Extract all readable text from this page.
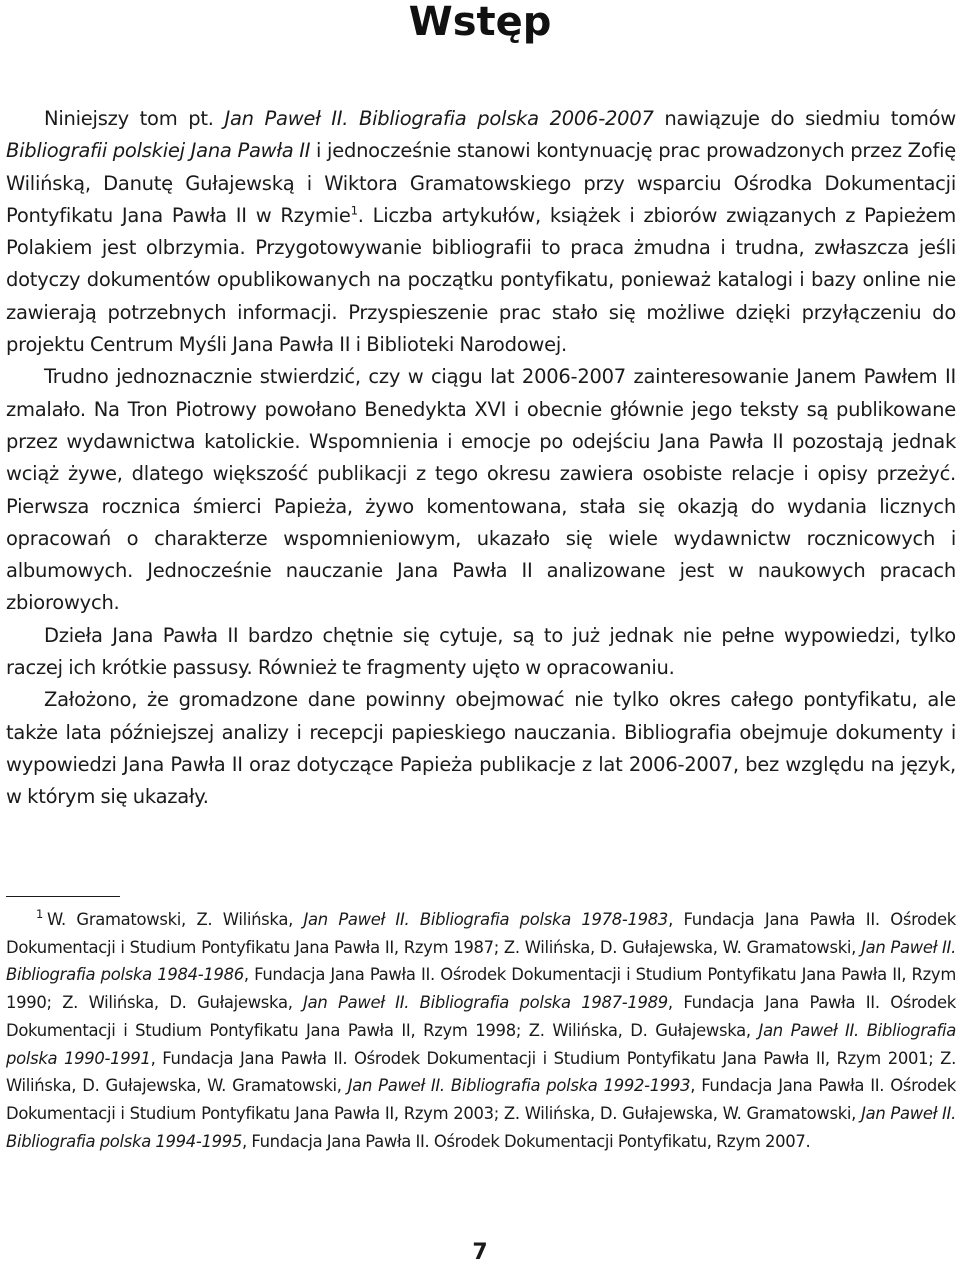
Wstęp

Niniejszy tom pt. Jan Paweł II. Bibliografia polska 2006-2007 nawiązuje do siedmiu tomów Bibliografii polskiej Jana Pawła II i jednocześnie stanowi kontynuację prac prowadzonych przez Zofię Wilińską, Danutę Gułajewską i Wiktora Gramatowskiego przy wsparciu Ośrodka Dokumentacji Pontyfikatu Jana Pawła II w Rzymie$^1$. Liczba artykułów, książek i zbiorów związanych z Papieżem Polakiem jest olbrzymia. Przygotowywanie bibliografii to praca żmudna i trudna, zwłaszcza jeśli dotyczy dokumentów opublikowanych na początku pontyfikatu, ponieważ katalogi i bazy online nie zawierają potrzebnych informacji. Przyspieszenie prac stało się możliwe dzięki przyłączeniu do projektu Centrum Myśli Jana Pawła II i Biblioteki Narodowej.

Trudno jednoznacznie stwierdzić, czy w ciągu lat 2006-2007 zainteresowanie Janem Pawłem II zmalało. Na Tron Piotrowy powołano Benedykta XVI i obecnie głównie jego teksty są publikowane przez wydawnictwa katolickie. Wspomnienia i emocje po odejściu Jana Pawła II pozostają jednak wciąż żywe, dlatego większość publikacji z tego okresu zawiera osobiste relacje i opisy przeżyć. Pierwsza rocznica śmierci Papieża, żywo komentowana, stała się okazją do wydania licznych opracowań o charakterze wspomnieniowym, ukazało się wiele wydawnictw rocznicowych i albumowych. Jednocześnie nauczanie Jana Pawła II analizowane jest w naukowych pracach zbiorowych.

Dzieła Jana Pawła II bardzo chętnie się cytuje, są to już jednak nie pełne wypowiedzi, tylko raczej ich krótkie passusy. Również te fragmenty ujęto w opracowaniu.

Założono, że gromadzone dane powinny obejmować nie tylko okres całego pontyfikatu, ale także lata późniejszej analizy i recepcji papieskiego nauczania. Bibliografia obejmuje dokumenty i wypowiedzi Jana Pawła II oraz dotyczące Papieża publikacje z lat 2006-2007, bez względu na język, w którym się ukazały.

$^1$ W. Gramatowski, Z. Wilińska, Jan Paweł II. Bibliografia polska 1978-1983, Fundacja Jana Pawła II. Ośrodek Dokumentacji i Studium Pontyfikatu Jana Pawła II, Rzym 1987; Z. Wilińska, D. Gułajewska, W. Gramatowski, Jan Paweł II. Bibliografia polska 1984-1986, Fundacja Jana Pawła II. Ośrodek Dokumentacji i Studium Pontyfikatu Jana Pawła II, Rzym 1990; Z. Wilińska, D. Gułajewska, Jan Paweł II. Bibliografia polska 1987-1989, Fundacja Jana Pawła II. Ośrodek Dokumentacji i Studium Pontyfikatu Jana Pawła II, Rzym 1998; Z. Wilińska, D. Gułajewska, Jan Paweł II. Bibliografia polska 1990-1991, Fundacja Jana Pawła II. Ośrodek Dokumentacji i Studium Pontyfikatu Jana Pawła II, Rzym 2001; Z. Wilińska, D. Gułajewska, W. Gramatowski, Jan Paweł II. Bibliografia polska 1992-1993, Fundacja Jana Pawła II. Ośrodek Dokumentacji i Studium Pontyfikatu Jana Pawła II, Rzym 2003; Z. Wilińska, D. Gułajewska, W. Gramatowski, Jan Paweł II. Bibliografia polska 1994-1995, Fundacja Jana Pawła II. Ośrodek Dokumentacji Pontyfikatu, Rzym 2007.

7
